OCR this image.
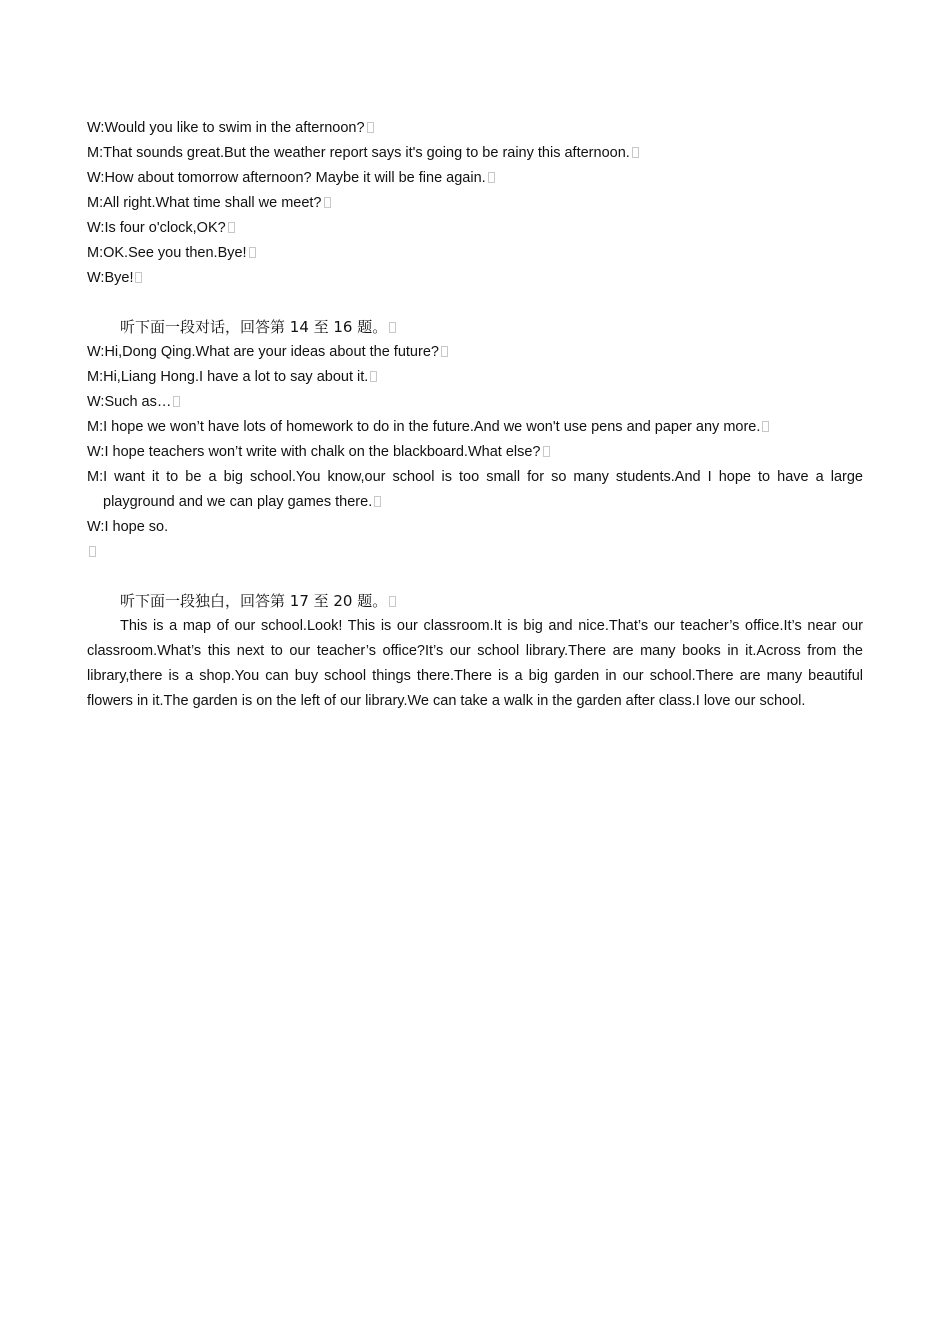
W:Would you like to swim in the afternoon?
M:That sounds great.But the weather report says it's going to be rainy this afternoon.
W:How about tomorrow afternoon? Maybe it will be fine again.
M:All right.What time shall we meet?
W:Is four o'clock,OK?
M:OK.See you then.Bye!
W:Bye!
听下面一段对话，回答第 14 至 16 题。
W:Hi,Dong Qing.What are your ideas about the future?
M:Hi,Liang Hong.I have a lot to say about it.
W:Such as…
M:I hope we won’t have lots of homework to do in the future.And we won't use pens and paper any more.
W:I hope teachers won’t write with chalk on the blackboard.What else?
M:I want it to be a big school.You know,our school is too small for so many students.And I hope to have a large playground and we can play games there.
W:I hope so.
听下面一段独白，回答第 17 至 20 题。
This is a map of our school.Look! This is our classroom.It is big and nice.That’s our teacher’s office.It’s near our classroom.What’s this next to our teacher’s office?It’s our school library.There are many books in it.Across from the library,there is a shop.You can buy school things there.There is a big garden in our school.There are many beautiful flowers in it.The garden is on the left of our library.We can take a walk in the garden after class.I love our school.
